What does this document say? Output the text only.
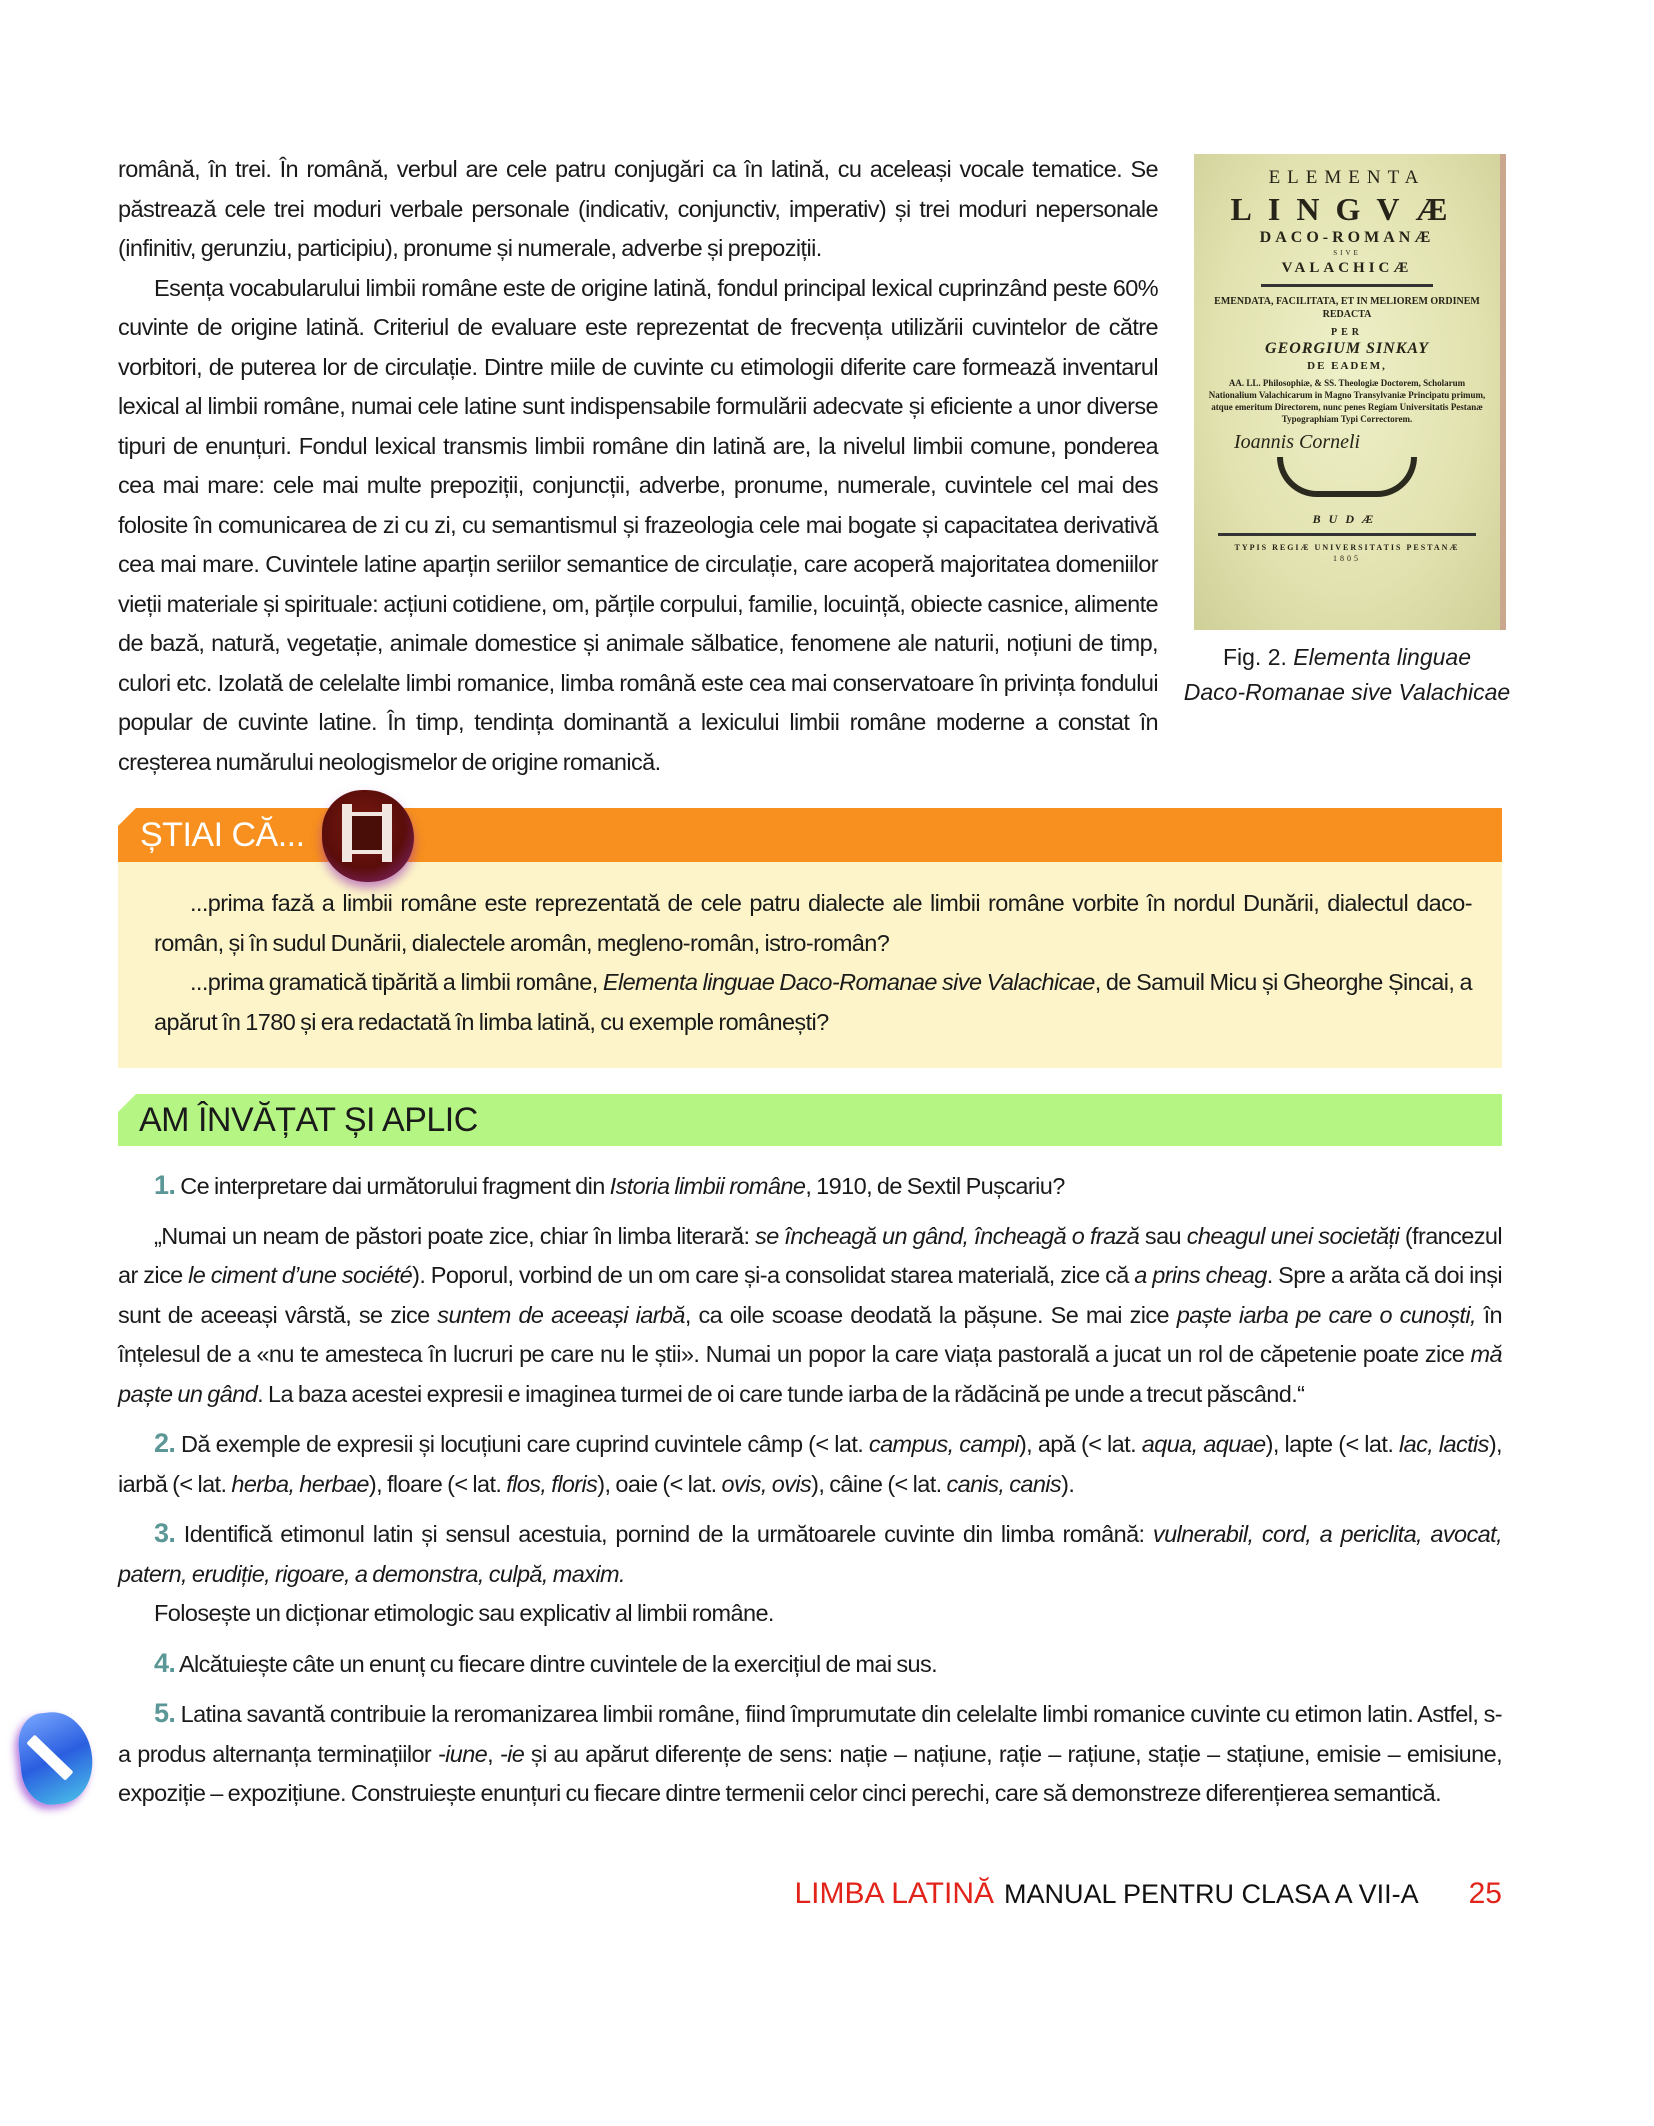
ELEMENTA
LINGVÆ
DACO-ROMANÆ
SIVE
VALACHICÆ
EMENDATA, FACILITATA, ET IN MELIOREM ORDINEM REDACTA
PER
GEORGIUM SINKAY
DE EADEM,
AA. LL. Philosophiæ, & SS. Theologiæ Doctorem, Scholarum Nationalium Valachicarum in Magno Transylvaniæ Principatu primum, atque emeritum Directorem, nunc penes Regiam Universitatis Pestanæ Typographiam Typi Correctorem.
Ioannis Corneli
BUDÆ
TYPIS REGIÆ UNIVERSITATIS PESTANÆ
1805
Fig. 2. Elementa linguae
Daco-Romanae sive Valachicae

română, în trei. În română, verbul are cele patru conjugări ca în latină, cu aceleași vocale tematice. Se păstrează cele trei moduri verbale personale (indicativ, conjunctiv, imperativ) și trei moduri nepersonale (infinitiv, gerunziu, participiu), pronume și numerale, adverbe și prepoziții.

Esența vocabularului limbii române este de origine latină, fondul principal lexical cuprinzând peste 60% cuvinte de origine latină. Criteriul de evaluare este reprezentat de frecvența utilizării cuvintelor de către vorbitori, de puterea lor de circulație. Dintre miile de cuvinte cu etimologii diferite care formează inventarul lexical al limbii române, numai cele latine sunt indispensabile formulării adecvate și eficiente a unor diverse tipuri de enunțuri. Fondul lexical transmis limbii române din latină are, la nivelul limbii comune, ponderea cea mai mare: cele mai multe prepoziții, conjuncții, adverbe, pronume, numerale, cuvintele cel mai des folosite în comunicarea de zi cu zi, cu semantismul și frazeologia cele mai bogate și capacitatea derivativă cea mai mare. Cuvintele latine aparțin seriilor semantice de circulație, care acoperă majoritatea domeniilor vieții materiale și spirituale: acțiuni cotidiene, om, părțile corpului, familie, locuință, obiecte casnice, alimente de bază, natură, vegetație, animale domestice și animale sălbatice, fenomene ale naturii, noțiuni de timp, culori etc. Izolată de celelalte limbi romanice, limba română este cea mai conservatoare în privința fondului popular de cuvinte latine. În timp, tendința dominantă a lexicului limbii române moderne a constat în creșterea numărului neologismelor de origine romanică.

ȘTIAI CĂ...

...prima fază a limbii române este reprezentată de cele patru dialecte ale limbii române vorbite în nordul Dunării, dialectul daco-român, și în sudul Dunării, dialectele aromân, megleno-român, istro-român?

...prima gramatică tipărită a limbii române, Elementa linguae Daco-Romanae sive Valachicae, de Samuil Micu și Gheorghe Șincai, a apărut în 1780 și era redactată în limba latină, cu exemple românești?

AM ÎNVĂȚAT ȘI APLIC

1. Ce interpretare dai următorului fragment din Istoria limbii române, 1910, de Sextil Pușcariu?

„Numai un neam de păstori poate zice, chiar în limba literară: se încheagă un gând, încheagă o frază sau cheagul unei societăți (francezul ar zice le ciment d’une société). Poporul, vorbind de un om care și-a consolidat starea materială, zice că a prins cheag. Spre a arăta că doi inși sunt de aceeași vârstă, se zice suntem de aceeași iarbă, ca oile scoase deodată la pășune. Se mai zice paște iarba pe care o cunoști, în înțelesul de a «nu te amesteca în lucruri pe care nu le știi». Numai un popor la care viața pastorală a jucat un rol de căpetenie poate zice mă paște un gând. La baza acestei expresii e imaginea turmei de oi care tunde iarba de la rădăcină pe unde a trecut păscând.“

2. Dă exemple de expresii și locuțiuni care cuprind cuvintele câmp (< lat. campus, campi), apă (< lat. aqua, aquae), lapte (< lat. lac, lactis), iarbă (< lat. herba, herbae), floare (< lat. flos, floris), oaie (< lat. ovis, ovis), câine (< lat. canis, canis).

3. Identifică etimonul latin și sensul acestuia, pornind de la următoarele cuvinte din limba română: vulnerabil, cord, a periclita, avocat, patern, erudiție, rigoare, a demonstra, culpă, maxim.

Folosește un dicționar etimologic sau explicativ al limbii române.

4. Alcătuiește câte un enunț cu fiecare dintre cuvintele de la exercițiul de mai sus.

5. Latina savantă contribuie la reromanizarea limbii române, fiind împrumutate din celelalte limbi romanice cuvinte cu etimon latin. Astfel, s-a produs alternanța terminațiilor -iune, -ie și au apărut diferențe de sens: nație – națiune, rație – rațiune, stație – stațiune, emisie – emisiune, expoziție – expozițiune. Construiește enunțuri cu fiecare dintre termenii celor cinci perechi, care să demonstreze diferențierea semantică.

LIMBA LATINĂ MANUAL PENTRU CLASA A VII-A 25
